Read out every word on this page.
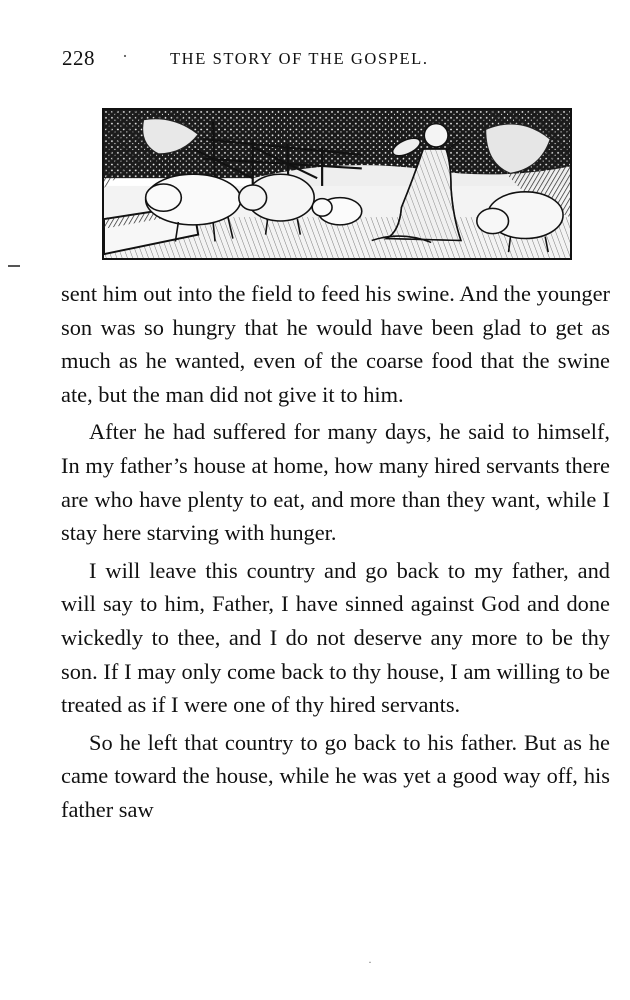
228 ·	THE STORY OF THE GOSPEL.

sent him out into the field to feed his swine. And the younger son was so hungry that he would have been glad to get as much as he wanted, even of the coarse food that the swine ate, but the man did not give it to him.

After he had suffered for many days, he said to himself, In my father’s house at home, how many hired servants there are who have plenty to eat, and more than they want, while I stay here starving with hunger.

I will leave this country and go back to my father, and will say to him, Father, I have sinned against God and done wickedly to thee, and I do not deserve any more to be thy son. If I may only come back to thy house, I am willing to be treated as if I were one of thy hired servants.

So he left that country to go back to his father. But as he came toward the house, while he was yet a good way off, his father saw

·
